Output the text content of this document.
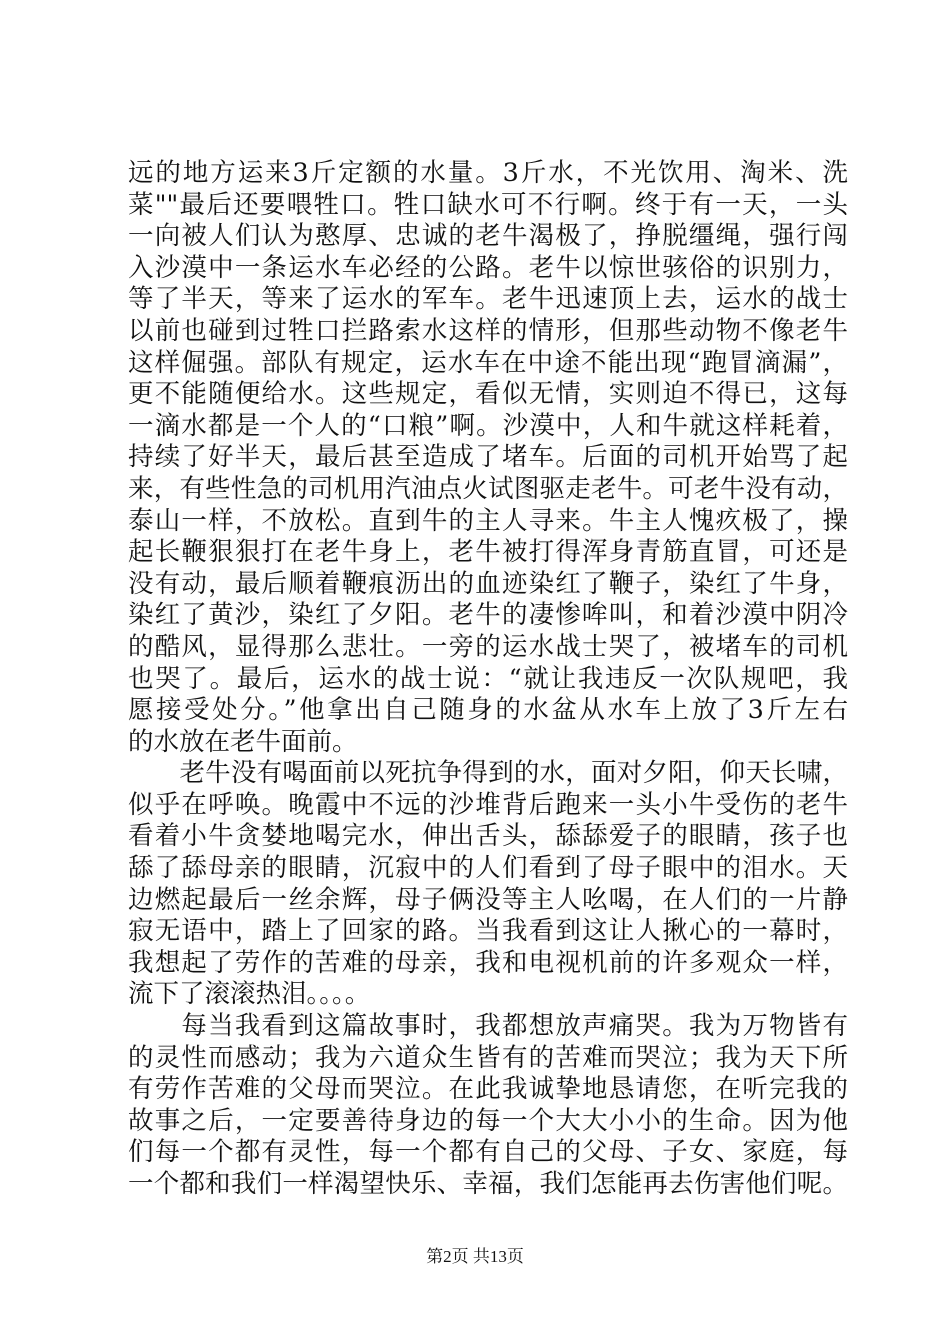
远的地方运来3斤定额的水量。3斤水，不光饮用、淘米、洗
菜""最后还要喂牲口。牲口缺水可不行啊。终于有一天，一头
一向被人们认为憨厚、忠诚的老牛渴极了，挣脱缰绳，强行闯
入沙漠中一条运水车必经的公路。老牛以惊世骇俗的识别力，
等了半天，等来了运水的军车。老牛迅速顶上去，运水的战士
以前也碰到过牲口拦路索水这样的情形，但那些动物不像老牛
这样倔强。部队有规定，运水车在中途不能出现“跑冒滴漏”，
更不能随便给水。这些规定，看似无情，实则迫不得已，这每
一滴水都是一个人的“口粮”啊。沙漠中，人和牛就这样耗着，
持续了好半天，最后甚至造成了堵车。后面的司机开始骂了起
来，有些性急的司机用汽油点火试图驱走老牛。可老牛没有动，
泰山一样，不放松。直到牛的主人寻来。牛主人愧疚极了，操
起长鞭狠狠打在老牛身上，老牛被打得浑身青筋直冒，可还是
没有动，最后顺着鞭痕沥出的血迹染红了鞭子，染红了牛身，
染红了黄沙，染红了夕阳。老牛的凄惨哞叫，和着沙漠中阴冷
的酷风，显得那么悲壮。一旁的运水战士哭了，被堵车的司机
也哭了。最后，运水的战士说：“就让我违反一次队规吧，我
愿接受处分。”他拿出自己随身的水盆从水车上放了3斤左右
的水放在老牛面前。
　　老牛没有喝面前以死抗争得到的水，面对夕阳，仰天长啸，
似乎在呼唤。晚霞中不远的沙堆背后跑来一头小牛受伤的老牛
看着小牛贪婪地喝完水，伸出舌头，舔舔爱子的眼睛，孩子也
舔了舔母亲的眼睛，沉寂中的人们看到了母子眼中的泪水。天
边燃起最后一丝余辉，母子俩没等主人吆喝，在人们的一片静
寂无语中，踏上了回家的路。当我看到这让人揪心的一幕时，
我想起了劳作的苦难的母亲，我和电视机前的许多观众一样，
流下了滚滚热泪。。。。
　　每当我看到这篇故事时，我都想放声痛哭。我为万物皆有
的灵性而感动；我为六道众生皆有的苦难而哭泣；我为天下所
有劳作苦难的父母而哭泣。在此我诚挚地恳请您，在听完我的
故事之后，一定要善待身边的每一个大大小小的生命。因为他
们每一个都有灵性，每一个都有自己的父母、子女、家庭，每
一个都和我们一样渴望快乐、幸福，我们怎能再去伤害他们呢。
第2页 共13页
